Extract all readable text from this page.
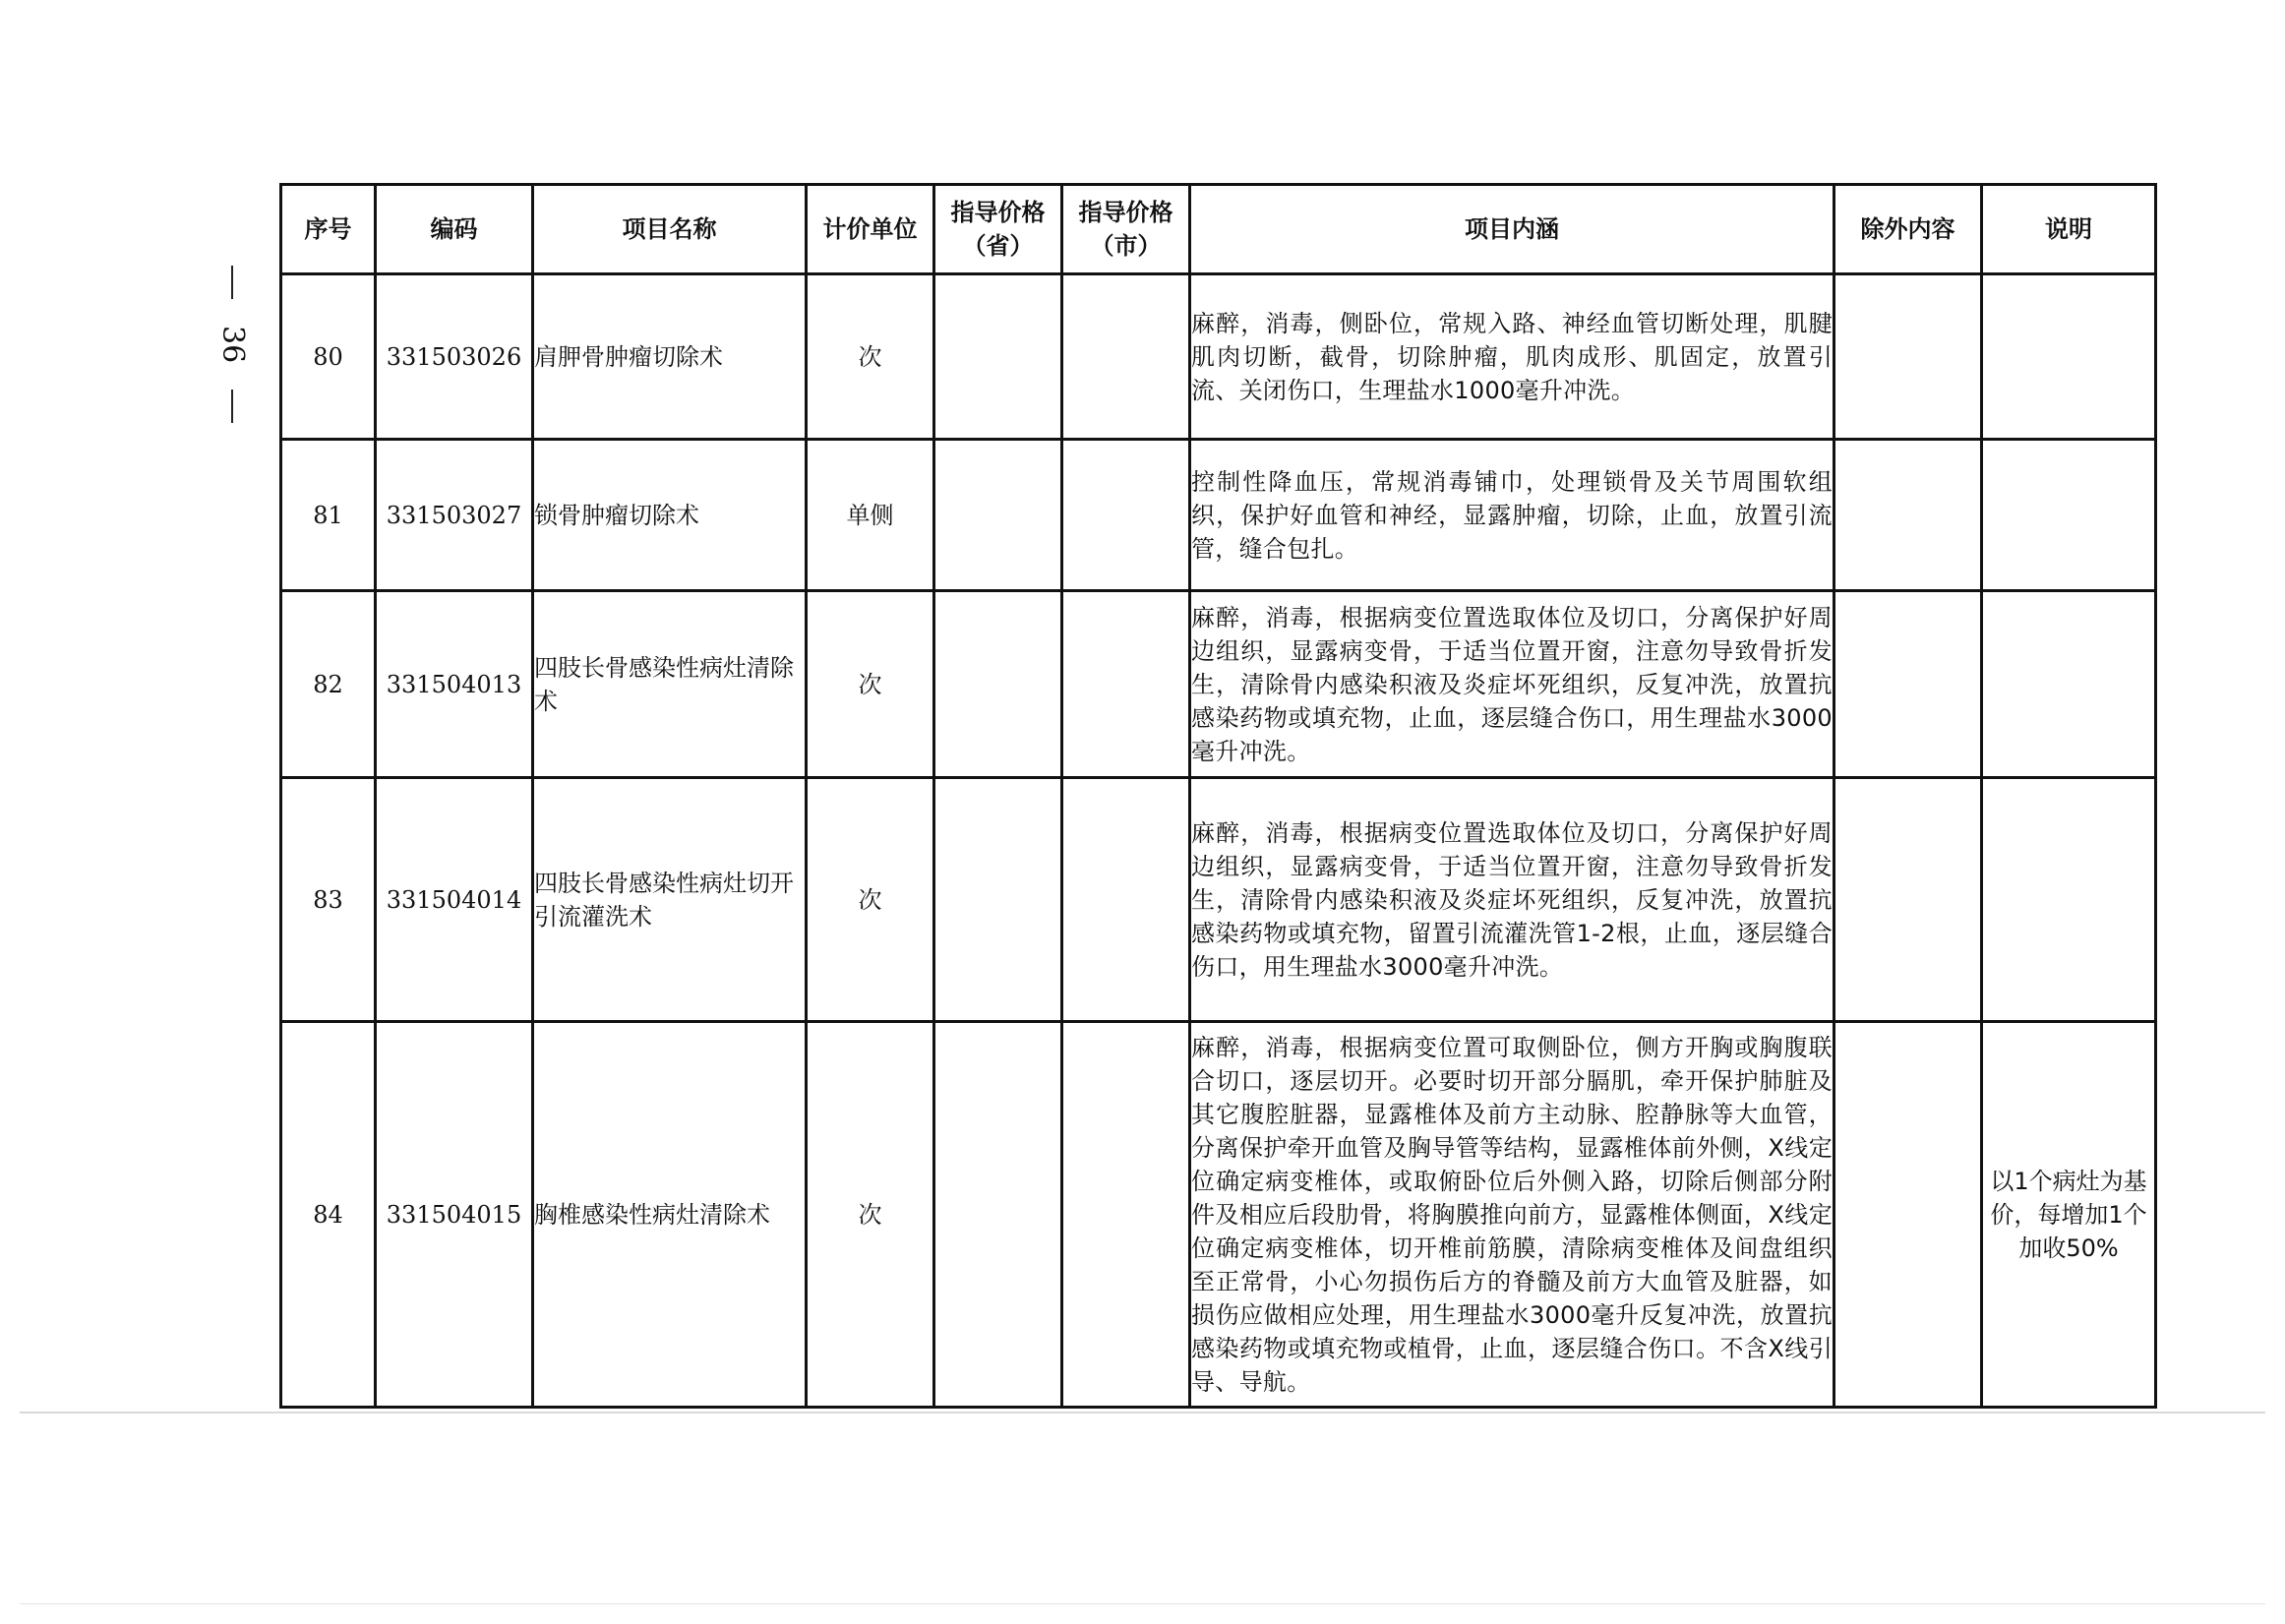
36
序号	编码	项目名称	计价单位	指导价格（省）	指导价格（市）	项目内涵	除外内容	说明
80	331503026	肩胛骨肿瘤切除术	次			麻醉，消毒，侧卧位，常规入路、神经血管切断处理，肌腱肌肉切断，截骨，切除肿瘤，肌肉成形、肌固定，放置引流、关闭伤口，生理盐水1000毫升冲洗。		
81	331503027	锁骨肿瘤切除术	单侧			控制性降血压，常规消毒铺巾，处理锁骨及关节周围软组织，保护好血管和神经，显露肿瘤，切除，止血，放置引流管，缝合包扎。		
82	331504013	四肢长骨感染性病灶清除术	次			麻醉，消毒，根据病变位置选取体位及切口，分离保护好周边组织，显露病变骨，于适当位置开窗，注意勿导致骨折发生，清除骨内感染积液及炎症坏死组织，反复冲洗，放置抗感染药物或填充物，止血，逐层缝合伤口，用生理盐水3000毫升冲洗。		
83	331504014	四肢长骨感染性病灶切开引流灌洗术	次			麻醉，消毒，根据病变位置选取体位及切口，分离保护好周边组织，显露病变骨，于适当位置开窗，注意勿导致骨折发生，清除骨内感染积液及炎症坏死组织，反复冲洗，放置抗感染药物或填充物，留置引流灌洗管1-2根，止血，逐层缝合伤口，用生理盐水3000毫升冲洗。		
84	331504015	胸椎感染性病灶清除术	次			麻醉，消毒，根据病变位置可取侧卧位，侧方开胸或胸腹联合切口，逐层切开。必要时切开部分膈肌，牵开保护肺脏及其它腹腔脏器，显露椎体及前方主动脉、腔静脉等大血管，分离保护牵开血管及胸导管等结构，显露椎体前外侧，X线定位确定病变椎体，或取俯卧位后外侧入路，切除后侧部分附件及相应后段肋骨，将胸膜推向前方，显露椎体侧面，X线定位确定病变椎体，切开椎前筋膜，清除病变椎体及间盘组织至正常骨，小心勿损伤后方的脊髓及前方大血管及脏器，如损伤应做相应处理，用生理盐水3000毫升反复冲洗，放置抗感染药物或填充物或植骨，止血，逐层缝合伤口。不含X线引导、导航。		以1个病灶为基价，每增加1个加收50%
